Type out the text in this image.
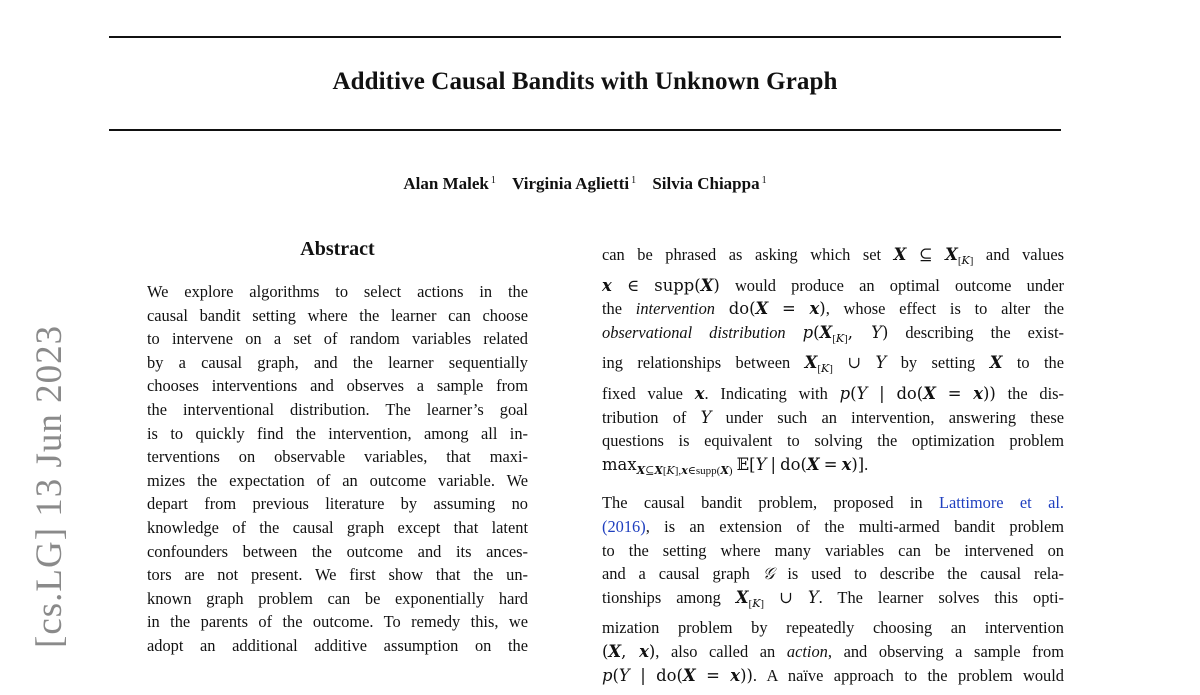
Additive Causal Bandits with Unknown Graph
Alan Malek $^1$ Virginia Aglietti $^1$ Silvia Chiappa $^1$
[cs.LG] 13 Jun 2023
Abstract
We explore algorithms to select actions in the
causal bandit setting where the learner can choose
to intervene on a set of random variables related
by a causal graph, and the learner sequentially
chooses interventions and observes a sample from
the interventional distribution. The learner’s goal
is to quickly find the intervention, among all in-
terventions on observable variables, that maxi-
mizes the expectation of an outcome variable. We
depart from previous literature by assuming no
knowledge of the causal graph except that latent
confounders between the outcome and its ances-
tors are not present. We first show that the un-
known graph problem can be exponentially hard
in the parents of the outcome. To remedy this, we
adopt an additional additive assumption on the
can be phrased as asking which set X ⊆ $X_{[K]}$ and values
x ∈ supp(X) would produce an optimal outcome under
the intervention do(X = x), whose effect is to alter the
observational distribution $p(X_{[K]}$, Y) describing the exist-
ing relationships between $X_{[K]}$ ∪ Y by setting X to the
fixed value x. Indicating with p(Y | do(X = x)) the dis-
tribution of Y under such an intervention, answering these
questions is equivalent to solving the optimization problem
$\max_{X⊆X[K],x\in supp(X)}$ 𝔼[Y | do(X = x)].
The causal bandit problem, proposed in Lattimore et al.
(2016), is an extension of the multi-armed bandit problem
to the setting where many variables can be intervened on
and a causal graph 𝒢 is used to describe the causal rela-
tionships among $X_{[K]}$ ∪ Y. The learner solves this opti-
mization problem by repeatedly choosing an intervention
(X, x), also called an action, and observing a sample from
p(Y | do(X = x)). A naïve approach to the problem would
